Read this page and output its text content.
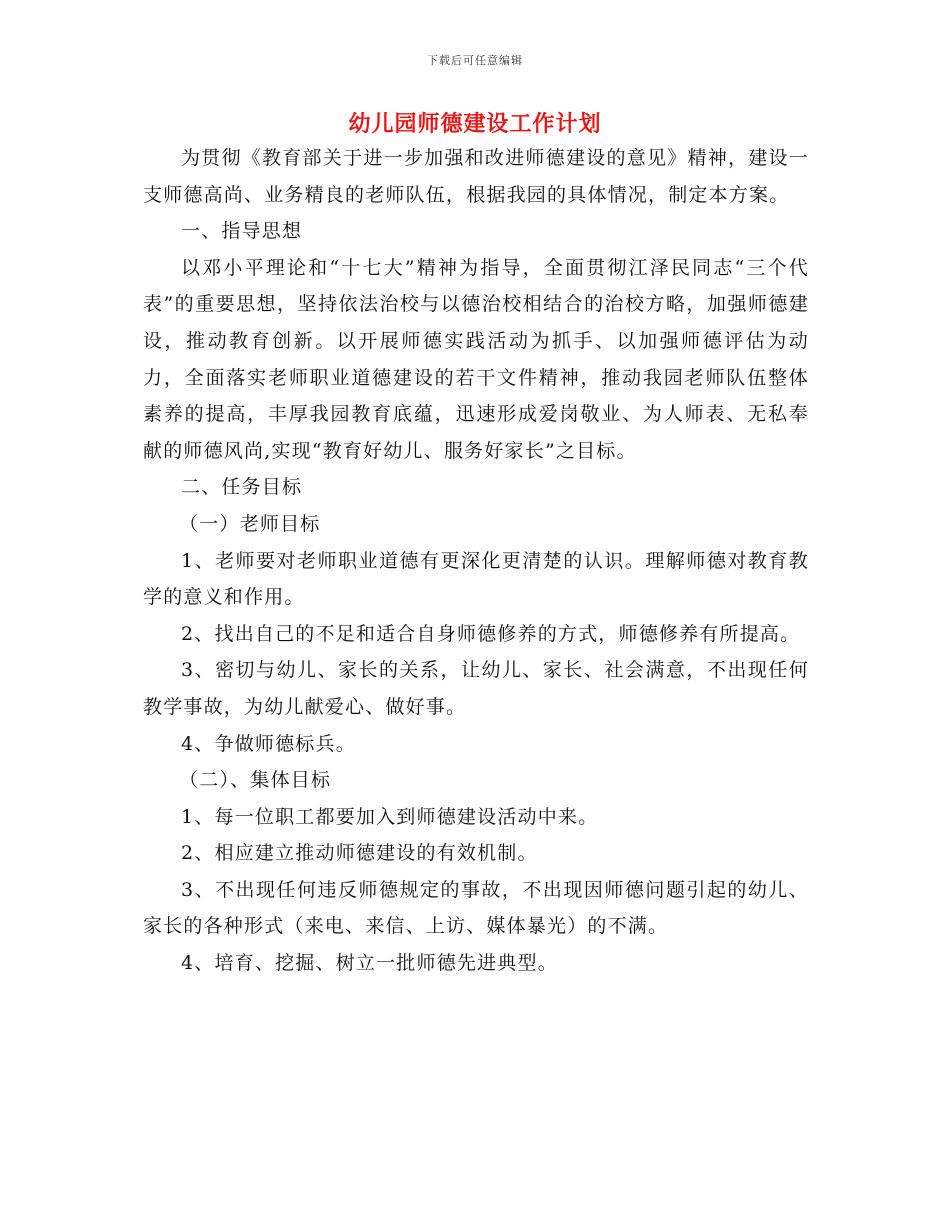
下载后可任意编辑
幼儿园师德建设工作计划

为贯彻《教育部关于进一步加强和改进师德建设的意见》精神，建设一支师德高尚、业务精良的老师队伍，根据我园的具体情况，制定本方案。

一、指导思想

以邓小平理论和“十七大”精神为指导，全面贯彻江泽民同志“三个代表”的重要思想，坚持依法治校与以德治校相结合的治校方略，加强师德建设，推动教育创新。以开展师德实践活动为抓手、以加强师德评估为动力，全面落实老师职业道德建设的若干文件精神，推动我园老师队伍整体素养的提高，丰厚我园教育底蕴，迅速形成爱岗敬业、为人师表、无私奉献的师德风尚,实现“教育好幼儿、服务好家长”之目标。

二、任务目标

（一）老师目标

1、老师要对老师职业道德有更深化更清楚的认识。理解师德对教育教学的意义和作用。

2、找出自己的不足和适合自身师德修养的方式，师德修养有所提高。

3、密切与幼儿、家长的关系，让幼儿、家长、社会满意，不出现任何教学事故，为幼儿献爱心、做好事。

4、争做师德标兵。

（二）、集体目标

1、每一位职工都要加入到师德建设活动中来。

2、相应建立推动师德建设的有效机制。

3、不出现任何违反师德规定的事故，不出现因师德问题引起的幼儿、家长的各种形式（来电、来信、上访、媒体暴光）的不满。

4、培育、挖掘、树立一批师德先进典型。
